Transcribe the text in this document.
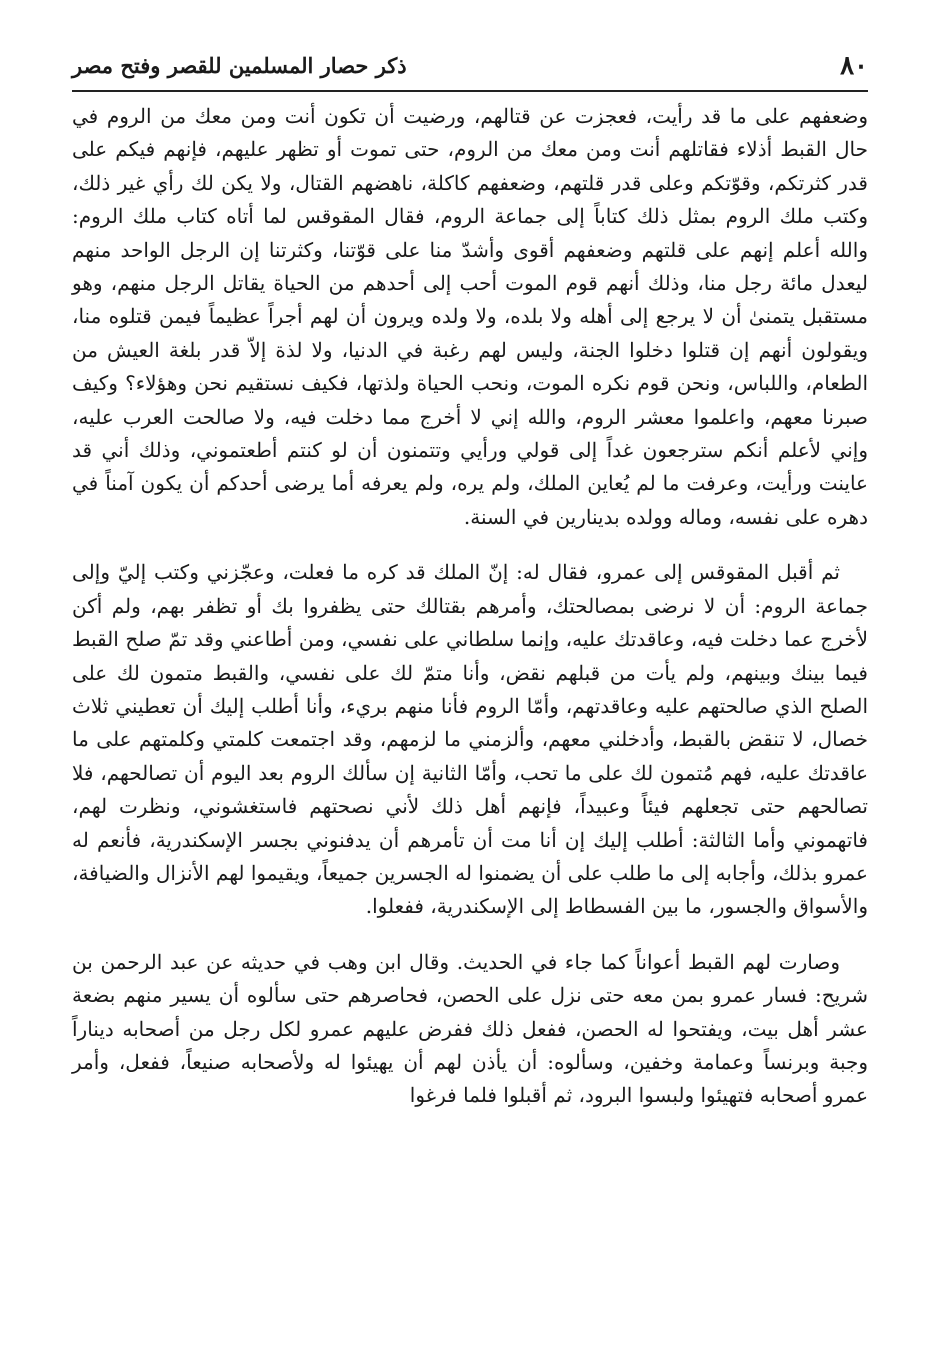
٨٠
ذكر حصار المسلمين للقصر وفتح مصر

وضعفهم على ما قد رأيت، فعجزت عن قتالهم، ورضيت أن تكون أنت ومن معك من الروم في حال القبط أذلاء فقاتلهم أنت ومن معك من الروم، حتى تموت أو تظهر عليهم، فإنهم فيكم على قدر كثرتكم، وقوّتكم وعلى قدر قلتهم، وضعفهم كاكلة، ناهضهم القتال، ولا يكن لك رأي غير ذلك، وكتب ملك الروم بمثل ذلك كتاباً إلى جماعة الروم، فقال المقوقس لما أتاه كتاب ملك الروم: والله أعلم إنهم على قلتهم وضعفهم أقوى وأشدّ منا على قوّتنا، وكثرتنا إن الرجل الواحد منهم ليعدل مائة رجل منا، وذلك أنهم قوم الموت أحب إلى أحدهم من الحياة يقاتل الرجل منهم، وهو مستقبل يتمنىٰ أن لا يرجع إلى أهله ولا بلده، ولا ولده ويرون أن لهم أجراً عظيماً فيمن قتلوه منا، ويقولون أنهم إن قتلوا دخلوا الجنة، وليس لهم رغبة في الدنيا، ولا لذة إلاّ قدر بلغة العيش من الطعام، واللباس، ونحن قوم نكره الموت، ونحب الحياة ولذتها، فكيف نستقيم نحن وهؤلاء؟ وكيف صبرنا معهم، واعلموا معشر الروم، والله إني لا أخرج مما دخلت فيه، ولا صالحت العرب عليه، وإني لأعلم أنكم سترجعون غداً إلى قولي ورأيي وتتمنون أن لو كنتم أطعتموني، وذلك أني قد عاينت ورأيت، وعرفت ما لم يُعاين الملك، ولم يره، ولم يعرفه أما يرضى أحدكم أن يكون آمناً في دهره على نفسه، وماله وولده بدينارين في السنة.

ثم أقبل المقوقس إلى عمرو، فقال له: إنّ الملك قد كره ما فعلت، وعجّزني وكتب إليّ وإلى جماعة الروم: أن لا نرضى بمصالحتك، وأمرهم بقتالك حتى يظفروا بك أو تظفر بهم، ولم أكن لأخرج عما دخلت فيه، وعاقدتك عليه، وإنما سلطاني على نفسي، ومن أطاعني وقد تمّ صلح القبط فيما بينك وبينهم، ولم يأت من قبلهم نقض، وأنا متمّ لك على نفسي، والقبط متمون لك على الصلح الذي صالحتهم عليه وعاقدتهم، وأمّا الروم فأنا منهم بريء، وأنا أطلب إليك أن تعطيني ثلاث خصال، لا تنقض بالقبط، وأدخلني معهم، وألزمني ما لزمهم، وقد اجتمعت كلمتي وكلمتهم على ما عاقدتك عليه، فهم مُتمون لك على ما تحب، وأمّا الثانية إن سألك الروم بعد اليوم أن تصالحهم، فلا تصالحهم حتى تجعلهم فيئاً وعبيداً، فإنهم أهل ذلك لأني نصحتهم فاستغشوني، ونظرت لهم، فاتهموني وأما الثالثة: أطلب إليك إن أنا مت أن تأمرهم أن يدفنوني بجسر الإسكندرية، فأنعم له عمرو بذلك، وأجابه إلى ما طلب على أن يضمنوا له الجسرين جميعاً، ويقيموا لهم الأنزال والضيافة، والأسواق والجسور، ما بين الفسطاط إلى الإسكندرية، ففعلوا.

وصارت لهم القبط أعواناً كما جاء في الحديث. وقال ابن وهب في حديثه عن عبد الرحمن بن شريح: فسار عمرو بمن معه حتى نزل على الحصن، فحاصرهم حتى سألوه أن يسير منهم بضعة عشر أهل بيت، ويفتحوا له الحصن، ففعل ذلك ففرض عليهم عمرو لكل رجل من أصحابه ديناراً وجبة وبرنساً وعمامة وخفين، وسألوه: أن يأذن لهم أن يهيئوا له ولأصحابه صنيعاً، ففعل، وأمر عمرو أصحابه فتهيئوا ولبسوا البرود، ثم أقبلوا فلما فرغوا
